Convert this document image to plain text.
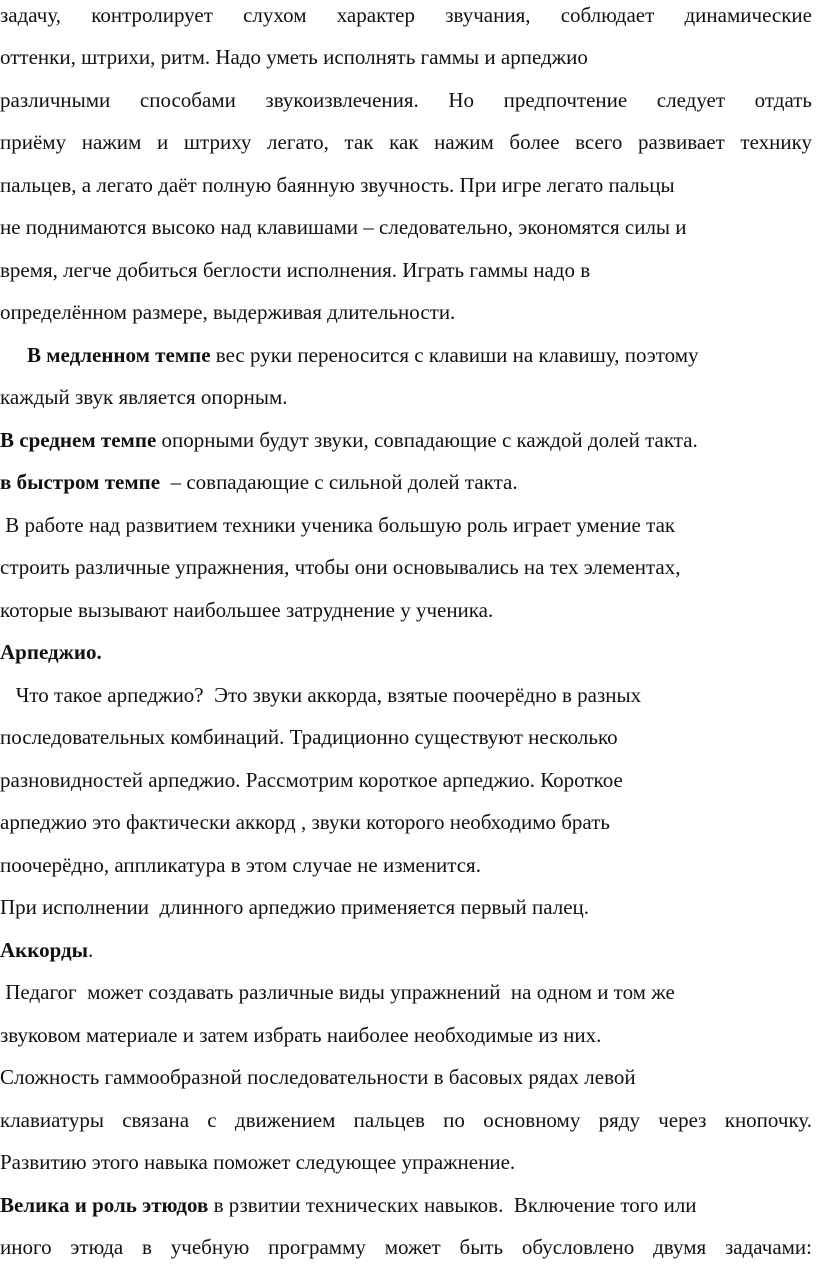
задачу, контролирует слухом характер звучания, соблюдает динамические
оттенки, штрихи, ритм. Надо уметь исполнять гаммы и арпеджио
различными способами звукоизвлечения. Но предпочтение следует отдать
приёму нажим и штриху легато, так как нажим более всего развивает технику
пальцев, а легато даёт полную баянную звучность. При игре легато пальцы
не поднимаются высоко над клавишами – следовательно, экономятся силы и
время, легче добиться беглости исполнения. Играть гаммы надо в
определённом размере, выдерживая длительности.
В медленном темпе вес руки переносится с клавиши на клавишу, поэтому
каждый звук является опорным.
В среднем темпе опорными будут звуки, совпадающие с каждой долей такта.
в быстром темпе  – совпадающие с сильной долей такта.
В работе над развитием техники ученика большую роль играет умение так
строить различные упражнения, чтобы они основывались на тех элементах,
которые вызывают наибольшее затруднение у ученика.
Арпеджио.
Что такое арпеджио?  Это звуки аккорда, взятые поочерёдно в разных
последовательных комбинаций. Традиционно существуют несколько
разновидностей арпеджио. Рассмотрим короткое арпеджио. Короткое
арпеджио это фактически аккорд , звуки которого необходимо брать
поочерёдно, аппликатура в этом случае не изменится.
При исполнении  длинного арпеджио применяется первый палец.
Аккорды.
Педагог  может создавать различные виды упражнений  на одном и том же
звуковом материале и затем избрать наиболее необходимые из них.
Сложность гаммообразной последовательности в басовых рядах левой
клавиатуры связана с движением пальцев по основному ряду через кнопочку.
Развитию этого навыка поможет следующее упражнение.
Велика и роль этюдов в рзвитии технических навыков.  Включение того или
иного этюда в учебную программу может быть обусловлено двумя задачами:
